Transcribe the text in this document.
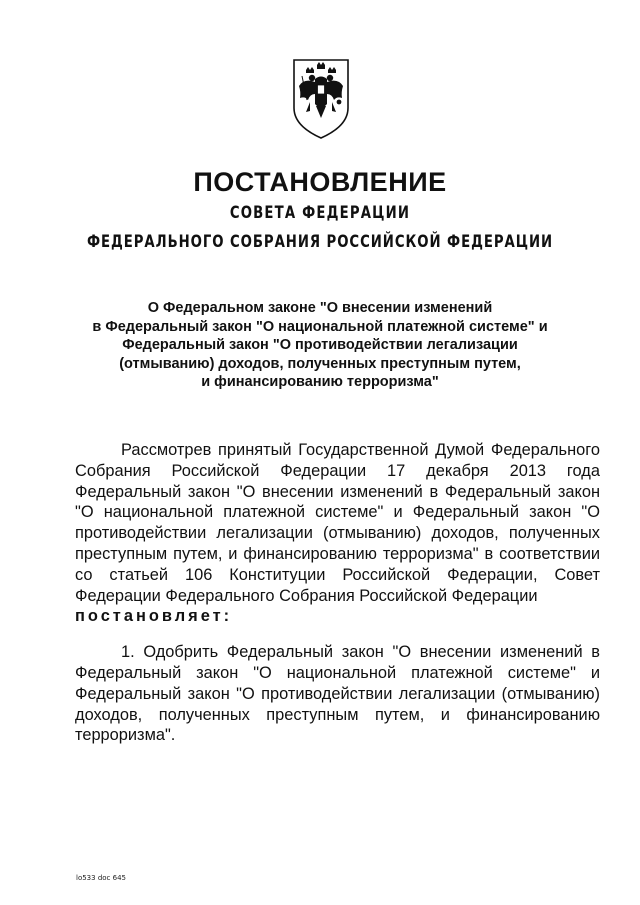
ПОСТАНОВЛЕНИЕ
СОВЕТА ФЕДЕРАЦИИ
ФЕДЕРАЛЬНОГО СОБРАНИЯ РОССИЙСКОЙ ФЕДЕРАЦИИ
О Федеральном законе "О внесении изменений
в Федеральный закон "О национальной платежной системе" и
Федеральный закон "О противодействии легализации
(отмыванию) доходов, полученных преступным путем,
и финансированию терроризма"

Рассмотрев принятый Государственной Думой Федерального Собрания Российской Федерации 17 декабря 2013 года Федеральный закон "О внесении изменений в Федеральный закон "О национальной платежной системе" и Федеральный закон "О противодействии легализации (отмыванию) доходов, полученных преступным путем, и финансированию терроризма" в соответствии со статьей 106 Конституции Российской Федерации, Совет Федерации Федерального Собрания Российской Федерации

постановляет:

1. Одобрить Федеральный закон "О внесении изменений в Федеральный закон "О национальной платежной системе" и Федеральный закон "О противодействии легализации (отмыванию) доходов, полученных преступным путем, и финансированию терроризма".

lo533 doc 645
